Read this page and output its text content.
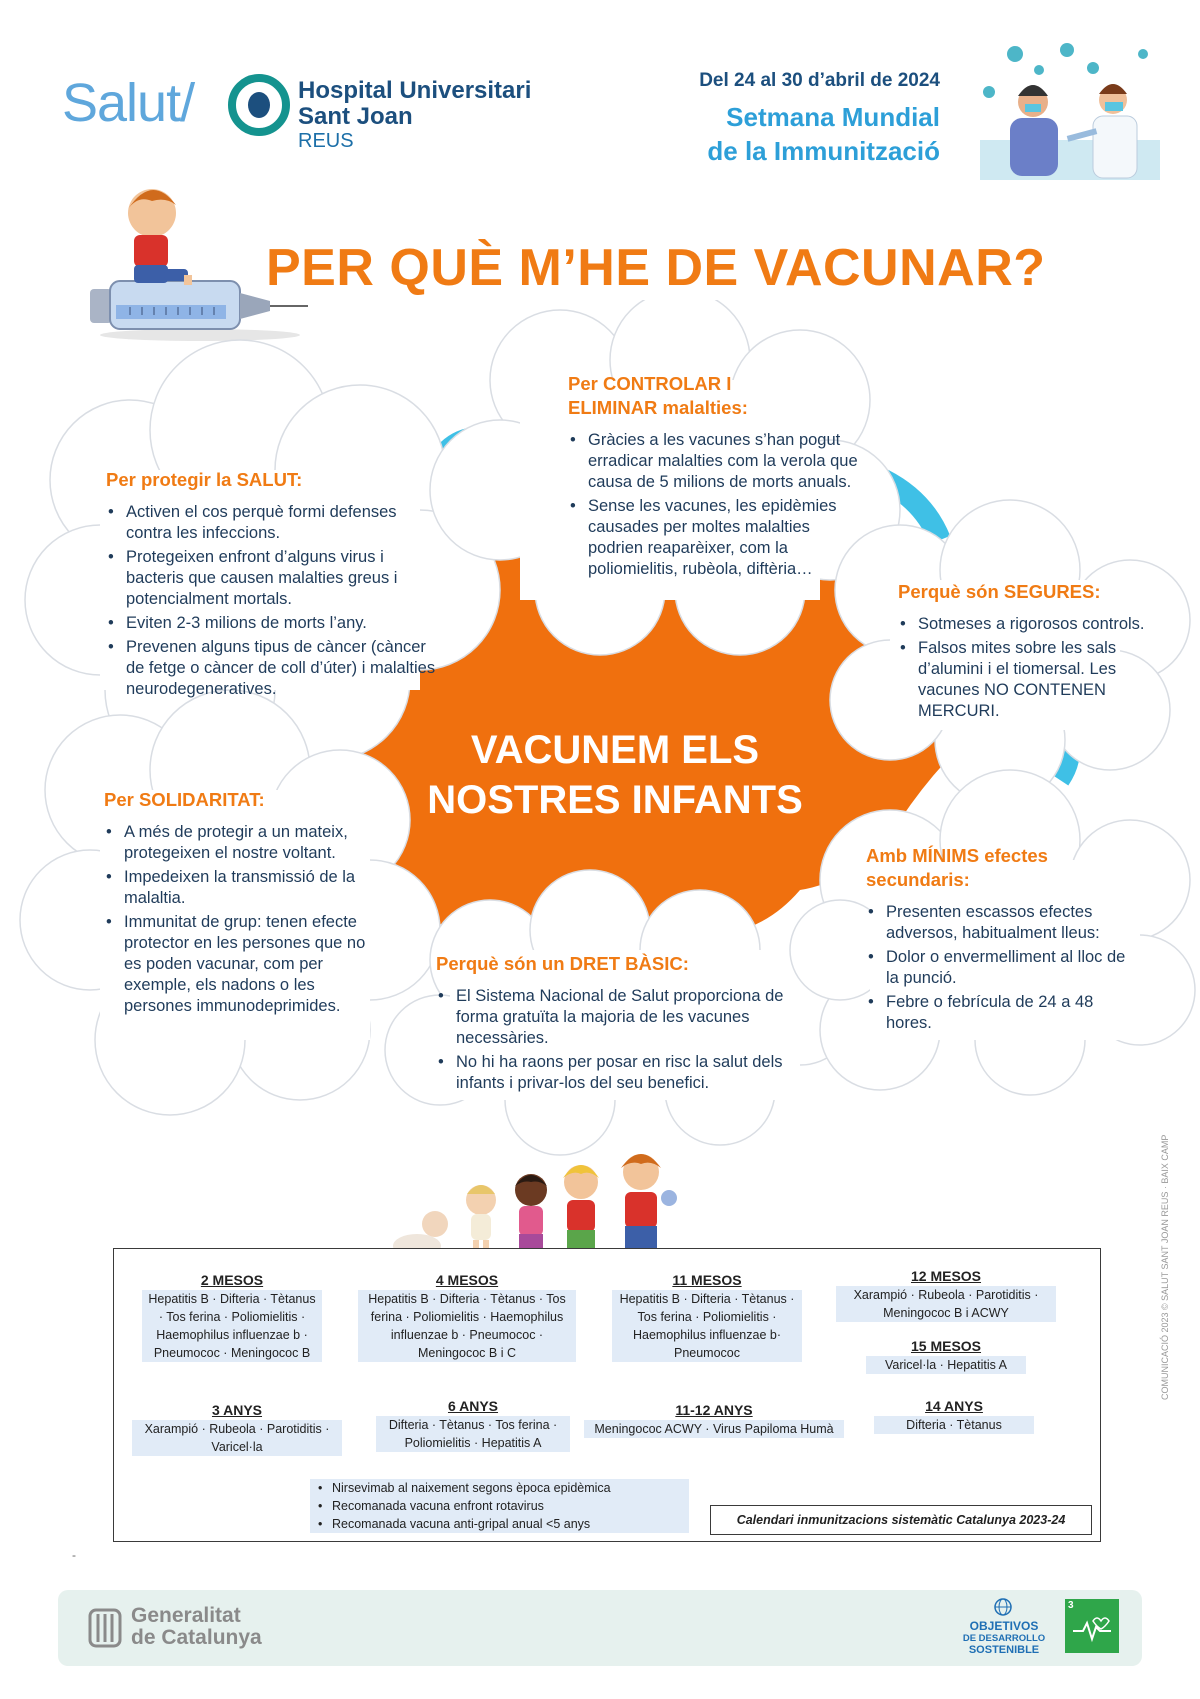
Salut/	Hospital Universitari
Sant Joan
REUS
Del 24 al 30 d’abril de 2024
Setmana Mundial
de la Immunització
PER QUÈ M’HE DE VACUNAR?
Per protegir la SALUT:
• Activen el cos perquè formi defenses contra les infeccions.
• Protegeixen enfront d’alguns virus i bacteris que causen malalties greus i potencialment mortals.
• Eviten 2-3 milions de morts l’any.
• Prevenen alguns tipus de càncer (càncer de fetge o càncer de coll d’úter) i malalties neurodegeneratives.
Per CONTROLAR I ELIMINAR malalties:
• Gràcies a les vacunes s’han pogut erradicar malalties com la verola que causa de 5 milions de morts anuals.
• Sense les vacunes, les epidèmies causades per moltes malalties podrien reaparèixer, com la poliomielitis, rubèola, diftèria…
Perquè són SEGURES:
• Sotmeses a rigorosos controls.
• Falsos mites sobre les sals d’alumini i el tiomersal. Les vacunes NO CONTENEN MERCURI.
Per SOLIDARITAT:
• A més de protegir a un mateix, protegeixen el nostre voltant.
• Impedeixen la transmissió de la malaltia.
• Immunitat de grup: tenen efecte protector en les persones que no es poden vacunar, com per exemple, els nadons o les persones immunodeprimides.
Perquè són un DRET BÀSIC:
• El Sistema Nacional de Salut proporciona de forma gratuïta la majoria de les vacunes necessàries.
• No hi ha raons per posar en risc la salut dels infants i privar-los del seu benefici.
Amb MÍNIMS efectes secundaris:
• Presenten escassos efectes adversos, habitualment lleus:
• Dolor o envermelliment al lloc de la punció.
• Febre o febrícula de 24 a 48 hores.
VACUNEM ELS
NOSTRES INFANTS
2 MESOS
Hepatitis B · Difteria · Tètanus · Tos ferina · Poliomielitis · Haemophilus influenzae b · Pneumococ · Meningococ B
4 MESOS
Hepatitis B · Difteria · Tètanus · Tos ferina · Poliomielitis · Haemophilus influenzae b · Pneumococ · Meningococ B i C
11 MESOS
Hepatitis B · Difteria · Tètanus · Tos ferina · Poliomielitis · Haemophilus influenzae b· Pneumococ
12 MESOS
Xarampió · Rubeola · Parotiditis · Meningococ B i ACWY
15 MESOS
Varicel·la · Hepatitis A
3 ANYS
Xarampió · Rubeola · Parotiditis · Varicel·la
6 ANYS
Difteria · Tètanus · Tos ferina · Poliomielitis · Hepatitis A
11-12 ANYS
Meningococ ACWY · Virus Papiloma Humà
14 ANYS
Difteria · Tètanus
• Nirsevimab al naixement segons època epidèmica
• Recomanada vacuna enfront rotavirus
• Recomanada vacuna anti-gripal anual <5 anys	Calendari inmunitzacions sistemàtic Catalunya 2023-24
-
Generalitat
de Catalunya	OBJETIVOS
DE DESARROLLO
SOSTENIBLE
3
COMUNICACIÓ 2023 © SALUT SANT JOAN REUS · BAIX CAMP
